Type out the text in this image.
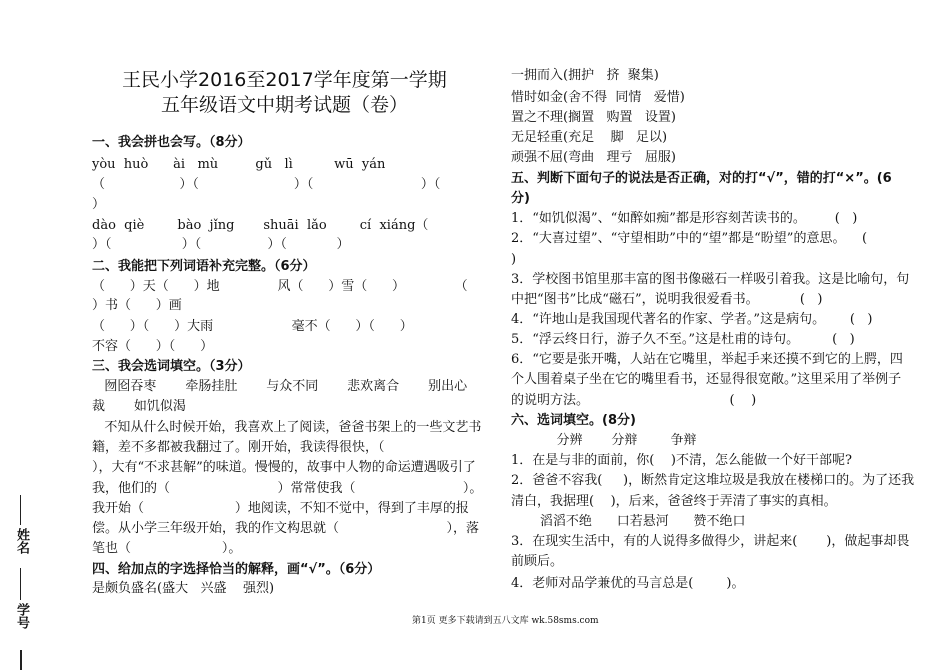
王民小学2016至2017学年度第一学期
五年级语文中期考试题（卷）
一、我会拼也会写。（8分）
yòu  huò      ài   mù         gǔ   lì          wū  yán
（                  ）（                       ）（                          ）（
）
dào  qiè        bào  jǐng       shuāi  lǎo        cí  xiáng（
）（                 ）（                ）（            ）
二、我能把下列词语补充完整。（6分）
（      ）天（      ）地              风（      ）雪（      ）            （
）书（      ）画
（      ）（      ）大雨                   毫不（      ）（      ）
不容（      ）（      ）
三、我会选词填空。（3分）
囫囵吞枣       牵肠挂肚       与众不同       悲欢离合       别出心
裁       如饥似渴
不知从什么时候开始，我喜欢上了阅读，爸爸书架上的一些文艺书
籍，差不多都被我翻过了。刚开始，我读得很快，（
），大有“不求甚解”的味道。慢慢的，故事中人物的命运遭遇吸引了
我，他们的（                          ）常常使我（                          ）。
我开始（                      ）地阅读，不知不觉中，得到了丰厚的报
偿。从小学三年级开始，我的作文构思就（                          ），落
笔也（                      ）。
四、给加点的字选择恰当的解释，画“√”。（6分）
是颇负盛名(盛大   兴盛    强烈)
一拥而入(拥护   挤  聚集)
惜时如金(舍不得  同情   爱惜)
置之不理(搁置   购置   设置)
无足轻重(充足    脚   足以)
顽强不屈(弯曲   理亏   屈服)
五、判断下面句子的说法是否正确，对的打“√”，错的打“×”。(6
分)
1．“如饥似渴”、“如醉如痴”都是形容刻苦读书的。       (   )
2．“大喜过望”、“守望相助”中的“望”都是“盼望”的意思。    (
)
3．学校图书馆里那丰富的图书像磁石一样吸引着我。这是比喻句，句
中把“图书”比成“磁石”，说明我很爱看书。          (   )
4．“许地山是我国现代著名的作家、学者。”这是病句。      (   )
5．“浮云终日行，游子久不至。”这是杜甫的诗句。        (   )
6．“它要是张开嘴，人站在它嘴里，举起手来还摸不到它的上腭，四
个人围着桌子坐在它的嘴里看书，还显得很宽敞。”这里采用了举例子
的说明方法。                                  (    )
六、选词填空。(8分)
分辨       分辩        争辩
1．在是与非的面前，你(    )不清，怎么能做一个好干部呢?
2．爸爸不容我(     )，断然肯定这堆垃圾是我放在楼梯口的。为了还我
清白，我据理(    )，后来，爸爸终于弄清了事实的真相。
滔滔不绝      口若悬河      赞不绝口
3．在现实生活中，有的人说得多做得少，讲起来(       )，做起事却畏
前顾后。
4．老师对品学兼优的马言总是(        )。
姓名
学号	第1页 更多下载请到五八文库 wk.58sms.com
